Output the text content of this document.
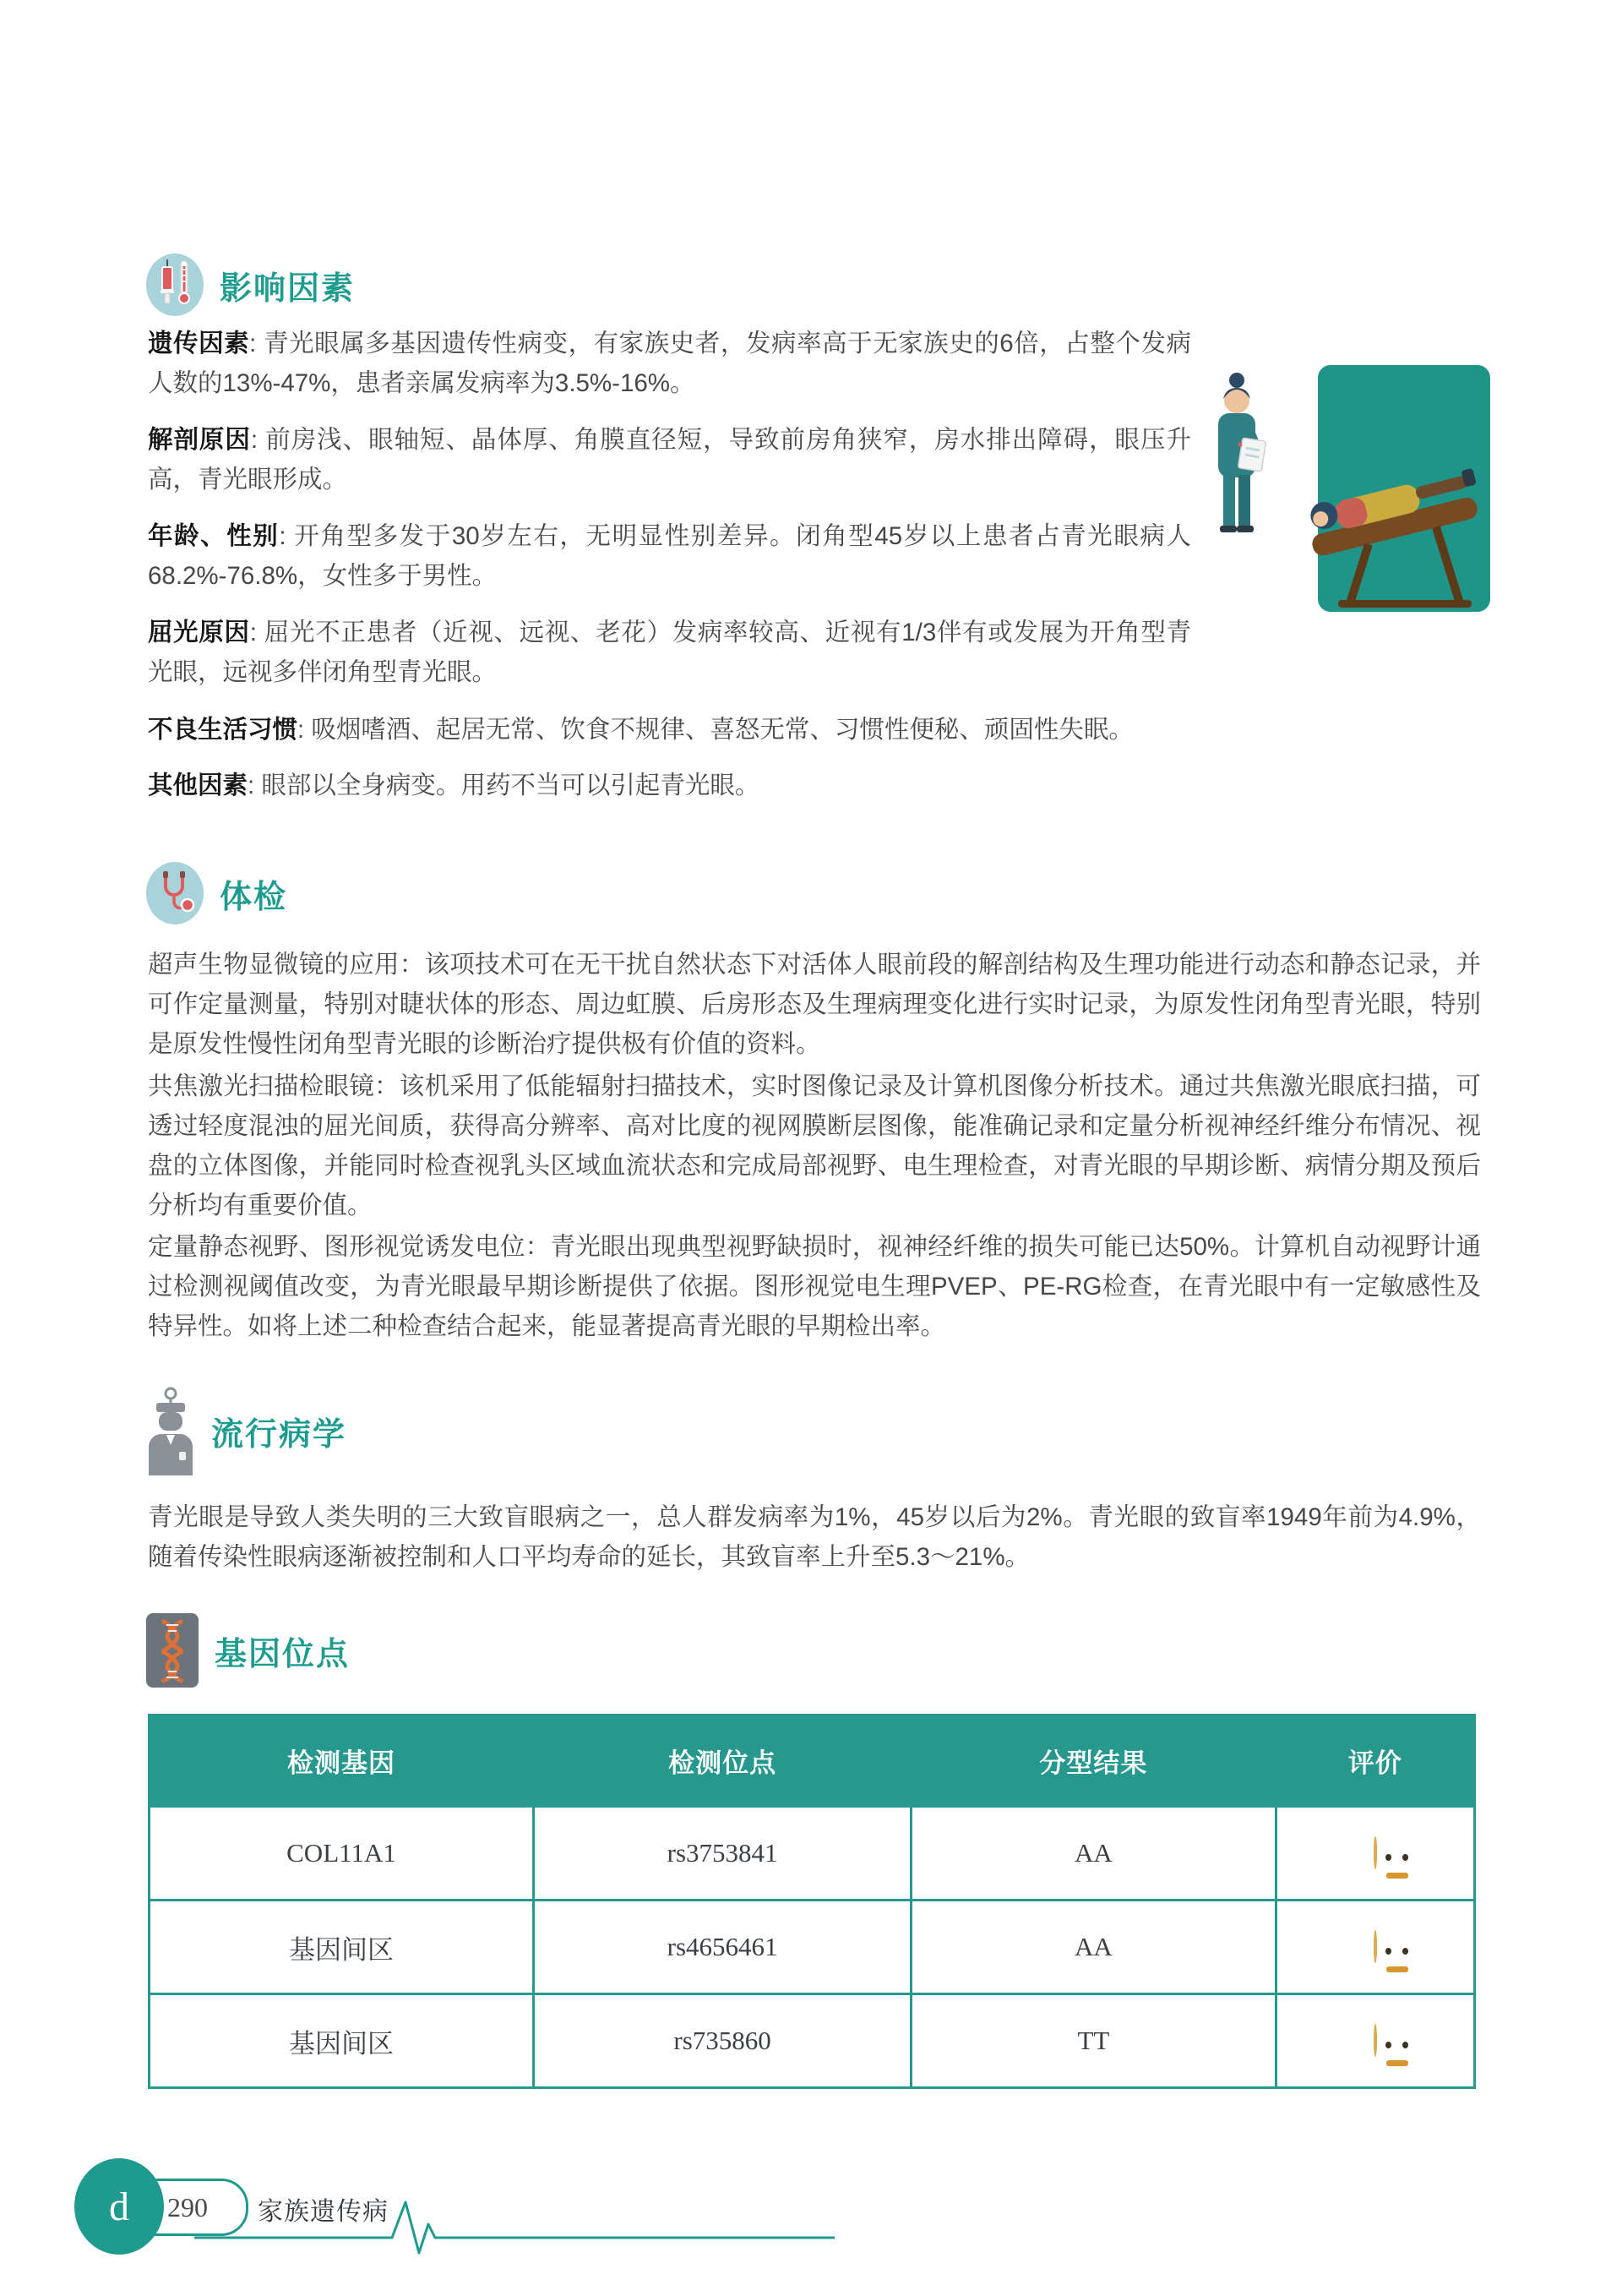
影响因素

遗传因素: 青光眼属多基因遗传性病变，有家族史者，发病率高于无家族史的6倍，占整个发病人数的13%-47%，患者亲属发病率为3.5%-16%。

解剖原因: 前房浅、眼轴短、晶体厚、角膜直径短，导致前房角狭窄，房水排出障碍，眼压升高，青光眼形成。

年龄、性别: 开角型多发于30岁左右，无明显性别差异。闭角型45岁以上患者占青光眼病人68.2%-76.8%，女性多于男性。

屈光原因: 屈光不正患者（近视、远视、老花）发病率较高、近视有1/3伴有或发展为开角型青光眼，远视多伴闭角型青光眼。

不良生活习惯: 吸烟嗜酒、起居无常、饮食不规律、喜怒无常、习惯性便秘、顽固性失眠。

其他因素: 眼部以全身病变。用药不当可以引起青光眼。

体检

超声生物显微镜的应用：该项技术可在无干扰自然状态下对活体人眼前段的解剖结构及生理功能进行动态和静态记录，并可作定量测量，特别对睫状体的形态、周边虹膜、后房形态及生理病理变化进行实时记录，为原发性闭角型青光眼，特别是原发性慢性闭角型青光眼的诊断治疗提供极有价值的资料。

共焦激光扫描检眼镜：该机采用了低能辐射扫描技术，实时图像记录及计算机图像分析技术。通过共焦激光眼底扫描，可透过轻度混浊的屈光间质，获得高分辨率、高对比度的视网膜断层图像，能准确记录和定量分析视神经纤维分布情况、视盘的立体图像，并能同时检查视乳头区域血流状态和完成局部视野、电生理检查，对青光眼的早期诊断、病情分期及预后分析均有重要价值。

定量静态视野、图形视觉诱发电位：青光眼出现典型视野缺损时，视神经纤维的损失可能已达50%。计算机自动视野计通过检测视阈值改变，为青光眼最早期诊断提供了依据。图形视觉电生理PVEP、PE-RG检查，在青光眼中有一定敏感性及特异性。如将上述二种检查结合起来，能显著提高青光眼的早期检出率。

流行病学

青光眼是导致人类失明的三大致盲眼病之一，总人群发病率为1%，45岁以后为2%。青光眼的致盲率1949年前为4.9%，随着传染性眼病逐渐被控制和人口平均寿命的延长，其致盲率上升至5.3～21%。

基因位点
检测基因	检测位点	分型结果	评价
COL11A1	rs3753841	AA	
基因间区	rs4656461	AA	
基因间区	rs735860	TT	
d 290 家族遗传病
